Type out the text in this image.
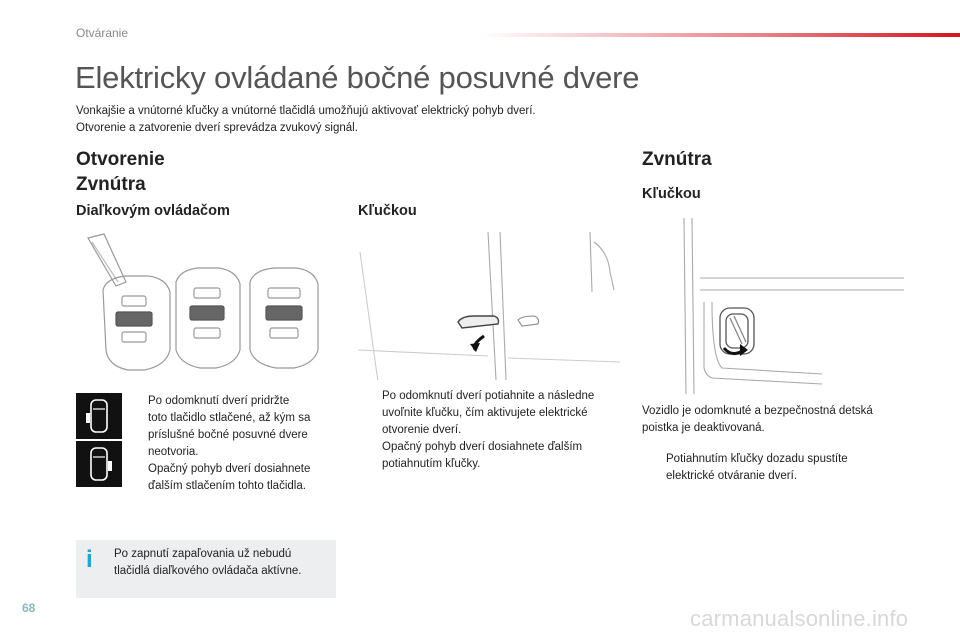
Otváranie
Elektricky ovládané bočné posuvné dvere
Vonkajšie a vnútorné kľučky a vnútorné tlačidlá umožňujú aktivovať elektrický pohyb dverí.
Otvorenie a zatvorenie dverí sprevádza zvukový signál.
Otvorenie
Zvnútra
Diaľkovým ovládačom
Po odomknutí dverí pridržte
toto tlačidlo stlačené, až kým sa
príslušné bočné posuvné dvere
neotvoria.
Opačný pohyb dverí dosiahnete
ďalším stlačením tohto tlačidla.
i Po zapnutí zapaľovania už nebudú
tlačidlá diaľkového ovládača aktívne.
Kľučkou
Po odomknutí dverí potiahnite a následne
uvoľnite kľučku, čím aktivujete elektrické
otvorenie dverí.
Opačný pohyb dverí dosiahnete ďalším
potiahnutím kľučky.
Zvnútra
Kľučkou
Vozidlo je odomknuté a bezpečnostná detská
poistka je deaktivovaná.
Potiahnutím kľučky dozadu spustíte
elektrické otváranie dverí.
68	carmanualsonline.info
